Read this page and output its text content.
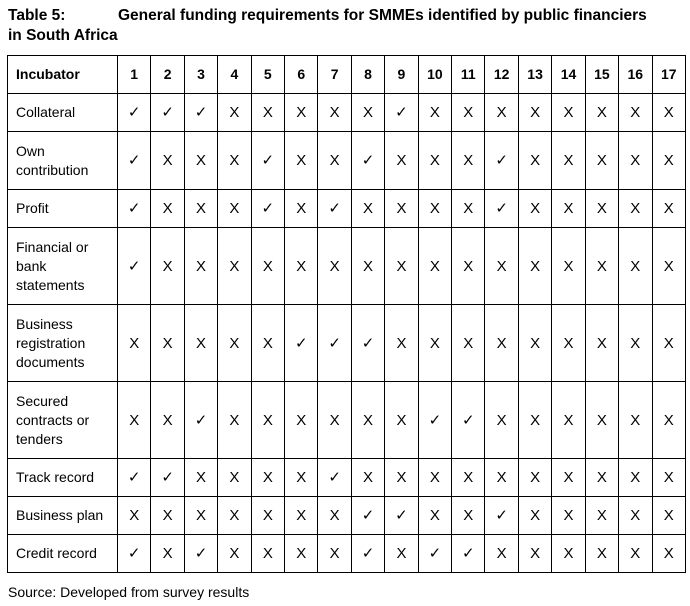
Table 5:	General funding requirements for SMMEs identified by public financiers
in South Africa
Incubator	1	2	3	4	5	6	7	8	9	10	11	12	13	14	15	16	17
Collateral	✓	✓	✓	X	X	X	X	X	✓	X	X	X	X	X	X	X	X
Own contribution	✓	X	X	X	✓	X	X	✓	X	X	X	✓	X	X	X	X	X
Profit	✓	X	X	X	✓	X	✓	X	X	X	X	✓	X	X	X	X	X
Financial or bank statements	✓	X	X	X	X	X	X	X	X	X	X	X	X	X	X	X	X
Business registration documents	X	X	X	X	X	✓	✓	✓	X	X	X	X	X	X	X	X	X
Secured contracts or tenders	X	X	✓	X	X	X	X	X	X	✓	✓	X	X	X	X	X	X
Track record	✓	✓	X	X	X	X	✓	X	X	X	X	X	X	X	X	X	X
Business plan	X	X	X	X	X	X	X	✓	✓	X	X	✓	X	X	X	X	X
Credit record	✓	X	✓	X	X	X	X	✓	X	✓	✓	X	X	X	X	X	X
Source: Developed from survey results
